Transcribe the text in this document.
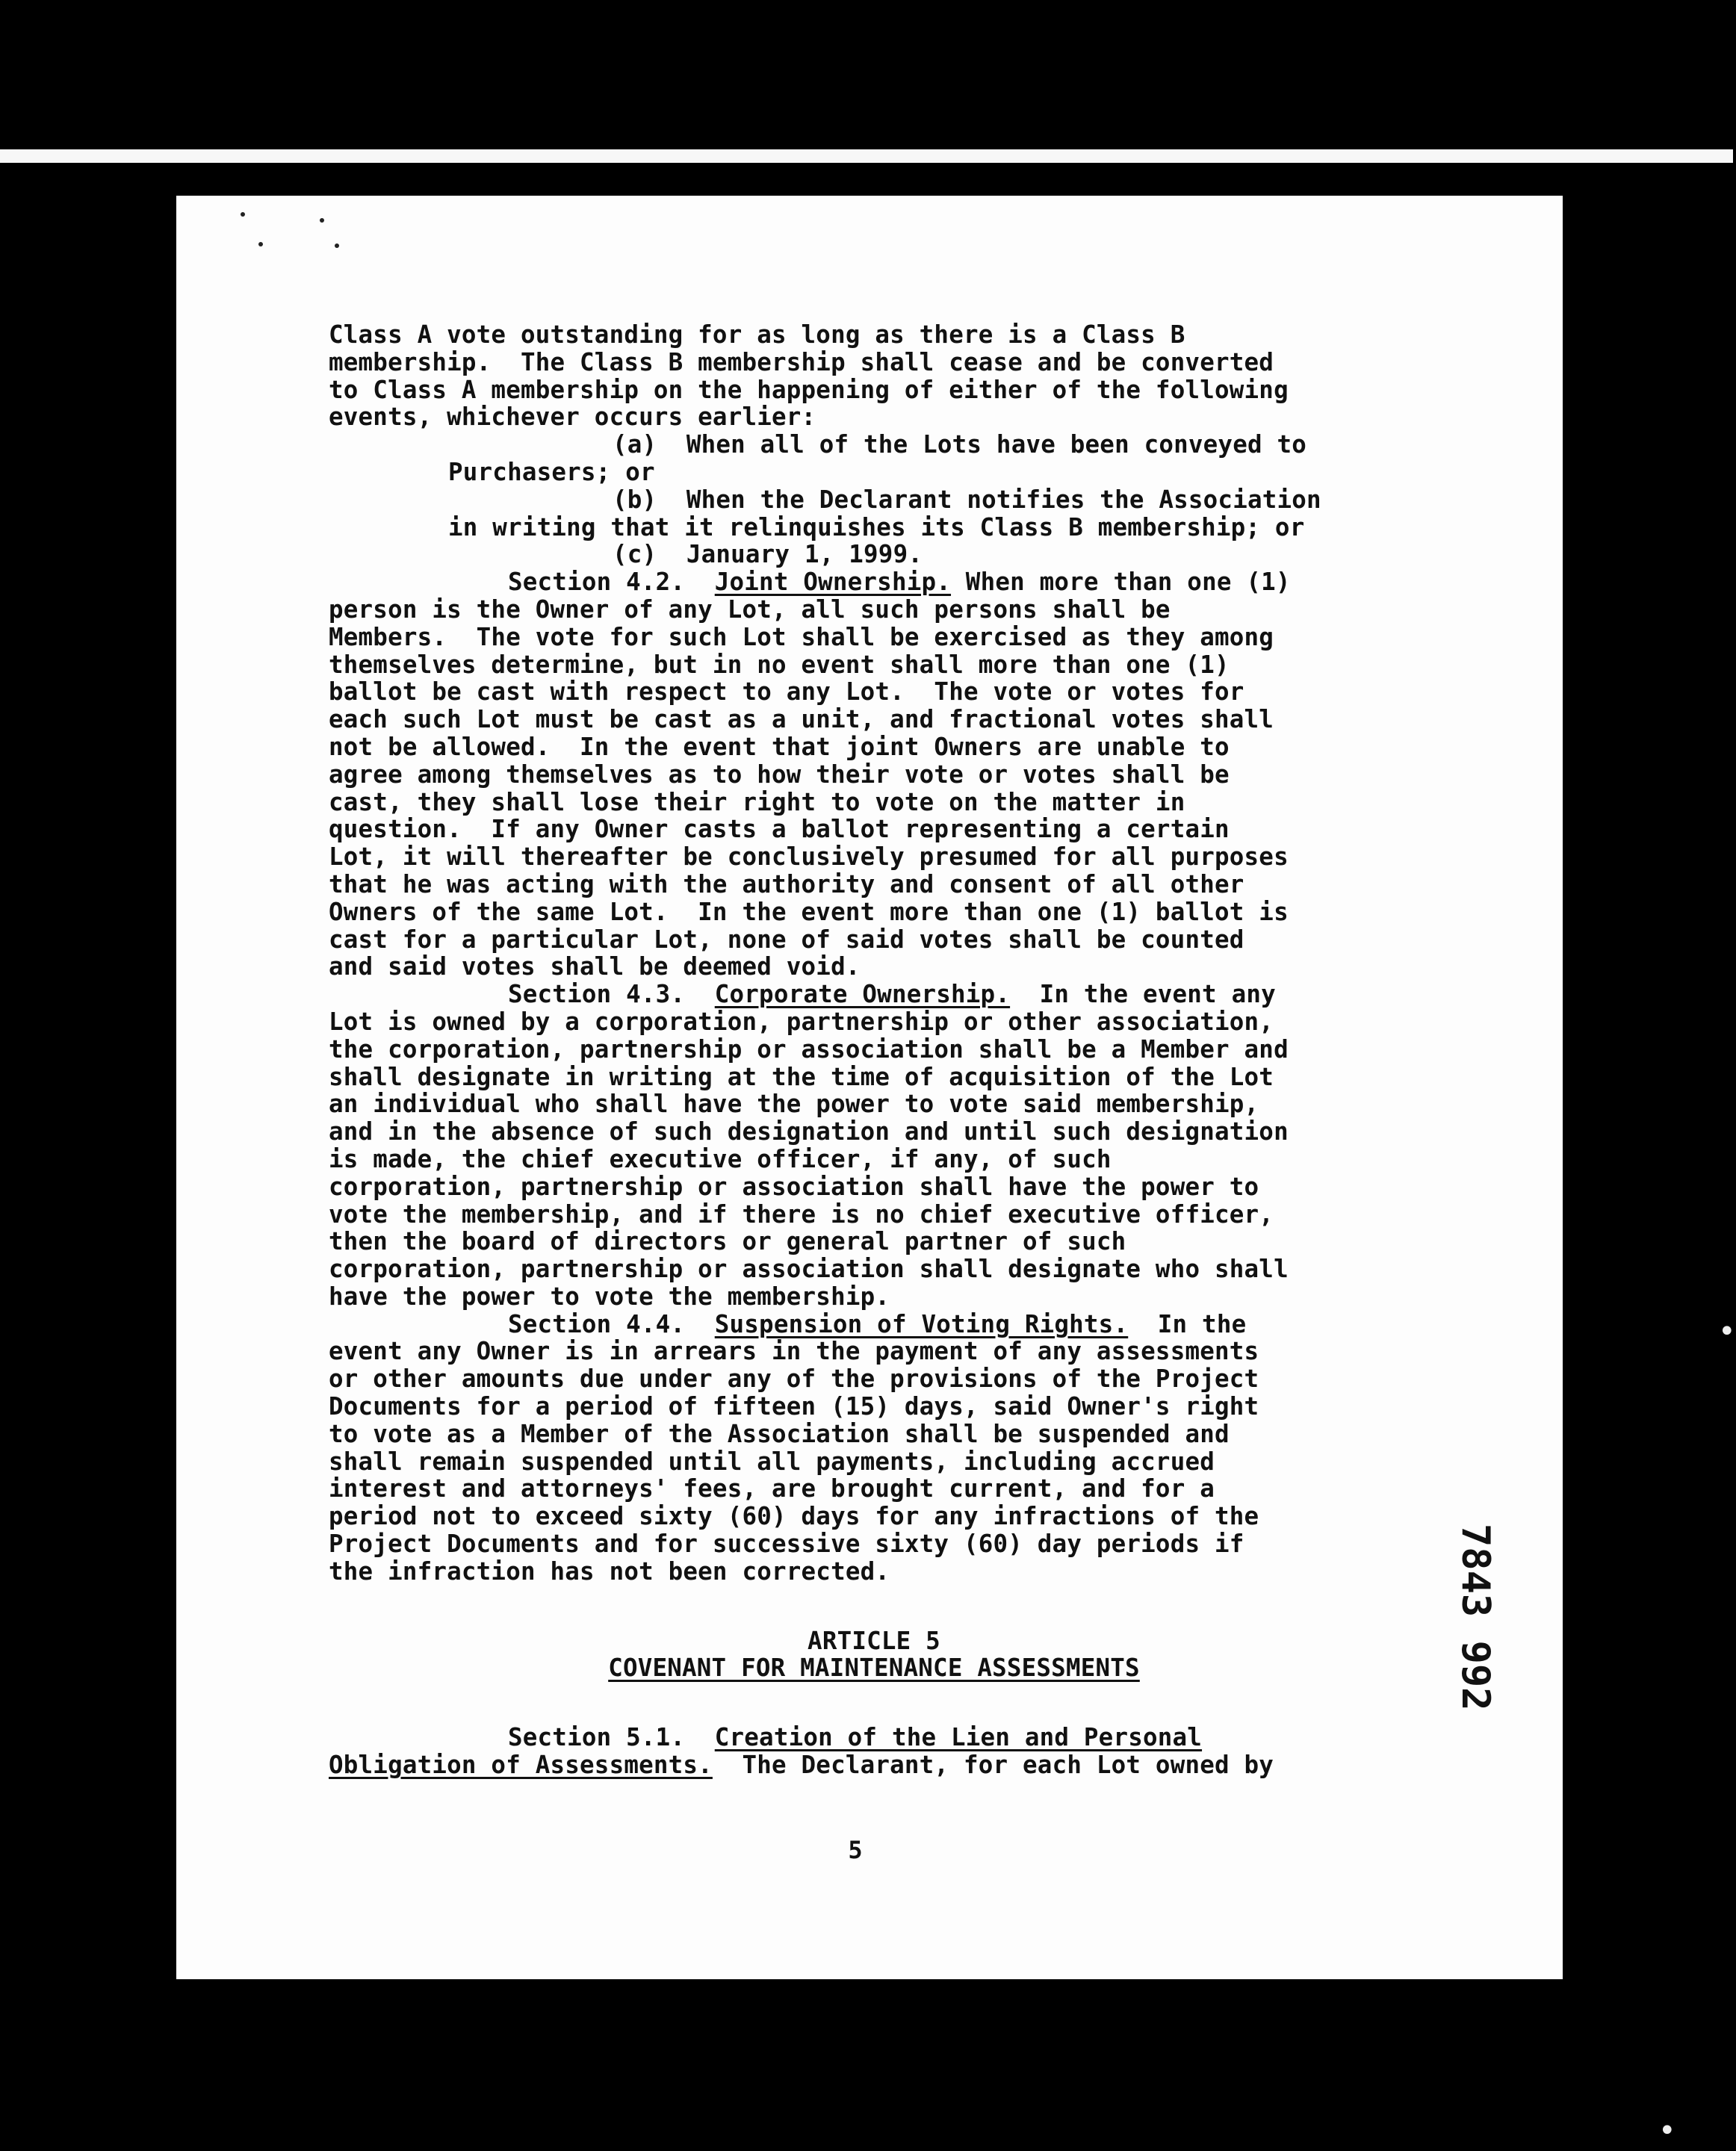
Class A vote outstanding for as long as there is a Class B
membership.  The Class B membership shall cease and be converted
to Class A membership on the happening of either of the following
events, whichever occurs earlier:
(a)  When all of the Lots have been conveyed to
Purchasers; or
(b)  When the Declarant notifies the Association
in writing that it relinquishes its Class B membership; or
(c)  January 1, 1999.
Section 4.2. Joint Ownership. When more than one (1)
person is the Owner of any Lot, all such persons shall be
Members.  The vote for such Lot shall be exercised as they among
themselves determine, but in no event shall more than one (1)
ballot be cast with respect to any Lot.  The vote or votes for
each such Lot must be cast as a unit, and fractional votes shall
not be allowed.  In the event that joint Owners are unable to
agree among themselves as to how their vote or votes shall be
cast, they shall lose their right to vote on the matter in
question.  If any Owner casts a ballot representing a certain
Lot, it will thereafter be conclusively presumed for all purposes
that he was acting with the authority and consent of all other
Owners of the same Lot.  In the event more than one (1) ballot is
cast for a particular Lot, none of said votes shall be counted
and said votes shall be deemed void.
Section 4.3. Corporate Ownership.  In the event any
Lot is owned by a corporation, partnership or other association,
the corporation, partnership or association shall be a Member and
shall designate in writing at the time of acquisition of the Lot
an individual who shall have the power to vote said membership,
and in the absence of such designation and until such designation
is made, the chief executive officer, if any, of such
corporation, partnership or association shall have the power to
vote the membership, and if there is no chief executive officer,
then the board of directors or general partner of such
corporation, partnership or association shall designate who shall
have the power to vote the membership.
Section 4.4. Suspension of Voting Rights.  In the
event any Owner is in arrears in the payment of any assessments
or other amounts due under any of the provisions of the Project
Documents for a period of fifteen (15) days, said Owner's right
to vote as a Member of the Association shall be suspended and
shall remain suspended until all payments, including accrued
interest and attorneys' fees, are brought current, and for a
period not to exceed sixty (60) days for any infractions of the
Project Documents and for successive sixty (60) day periods if
the infraction has not been corrected.
ARTICLE 5
COVENANT FOR MAINTENANCE ASSESSMENTS
Section 5.1. Creation of the Lien and Personal
Obligation of Assessments.  The Declarant, for each Lot owned by
5
7843 992
•
•
